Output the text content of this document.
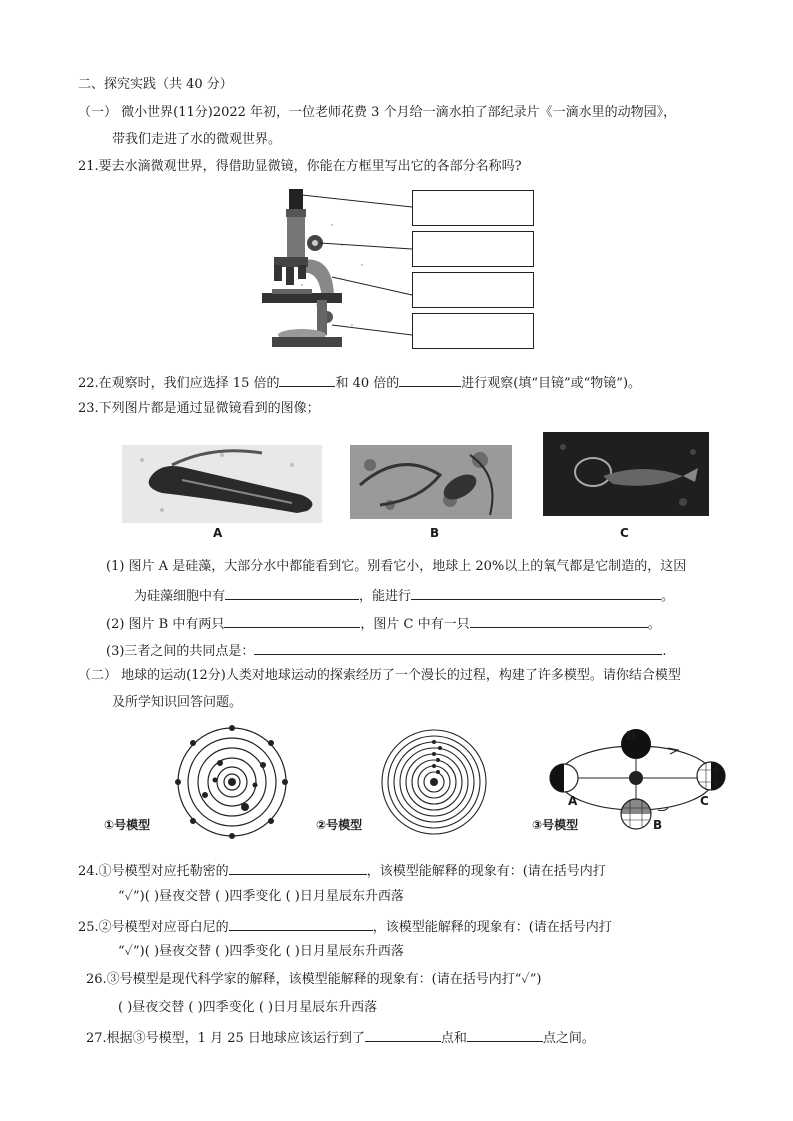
二、探究实践（共 40 分）
（一） 微小世界(11分)2022 年初，一位老师花费 3 个月给一滴水拍了部纪录片《一滴水里的动物园》，
带我们走进了水的微观世界。
21.要去水滴微观世界，得借助显微镜，你能在方框里写出它的各部分名称吗?
22.在观察时，我们应选择 15 倍的	和 40 倍的	进行观察(填“目镜”或“物镜”)。
23.下列图片都是通过显微镜看到的图像；
A	B	C
(1) 图片 A 是硅藻，大部分水中都能看到它。别看它小，地球上 20%以上的氧气都是它制造的，这因
为硅藻细胞中有	，能进行	。
(2) 图片 B 中有两只	，图片 C 中有一只	。
(3)三者之间的共同点是：	.
（二） 地球的运动(12分)人类对地球运动的探索经历了一个漫长的过程，构建了许多模型。请你结合模型
及所学知识回答问题。
①号模型	②号模型
D
A
B
C
③号模型
24.①号模型对应托勒密的	，该模型能解释的现象有：(请在括号内打
“✓”)( )昼夜交替 ( )四季变化 ( )日月星辰东升西落
25.②号模型对应哥白尼的	，该模型能解释的现象有：(请在括号内打
“✓”)( )昼夜交替 ( )四季变化 ( )日月星辰东升西落
26.③号模型是现代科学家的解释，该模型能解释的现象有：(请在括号内打“✓”)
( )昼夜交替 ( )四季变化 ( )日月星辰东升西落
27.根据③号模型，1 月 25 日地球应该运行到了	点和	点之间。
